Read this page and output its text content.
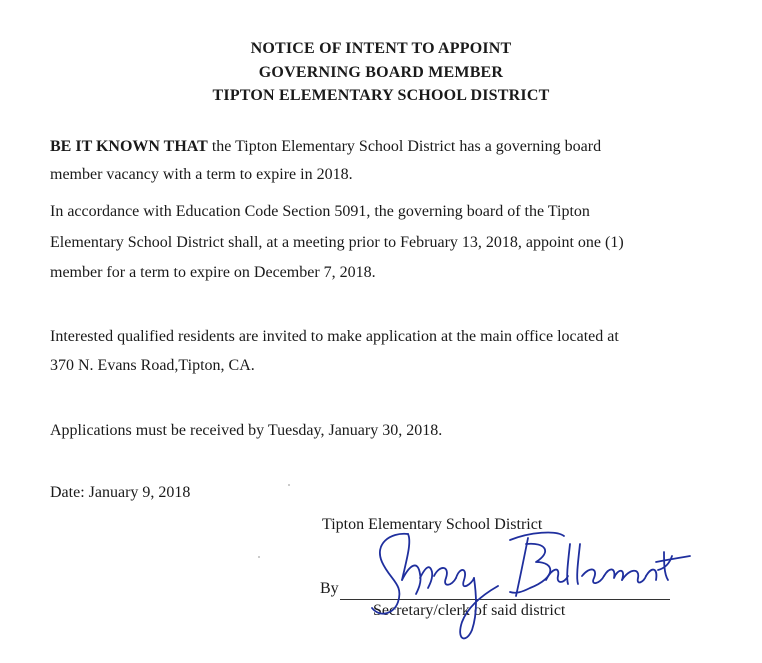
NOTICE OF INTENT TO APPOINT

GOVERNING BOARD MEMBER

TIPTON ELEMENTARY SCHOOL DISTRICT

BE IT KNOWN THAT the Tipton Elementary School District has a governing board

member vacancy with a term to expire in 2018.

In accordance with Education Code Section 5091, the governing board of the Tipton

Elementary School District shall, at a meeting prior to February 13, 2018, appoint one (1)

member for a term to expire on December 7, 2018.

Interested qualified residents are invited to make application at the main office located at

370 N. Evans Road,Tipton, CA.

Applications must be received by Tuesday, January 30, 2018.

Date: January 9, 2018

Tipton Elementary School District

By

Secretary/clerk of said district
